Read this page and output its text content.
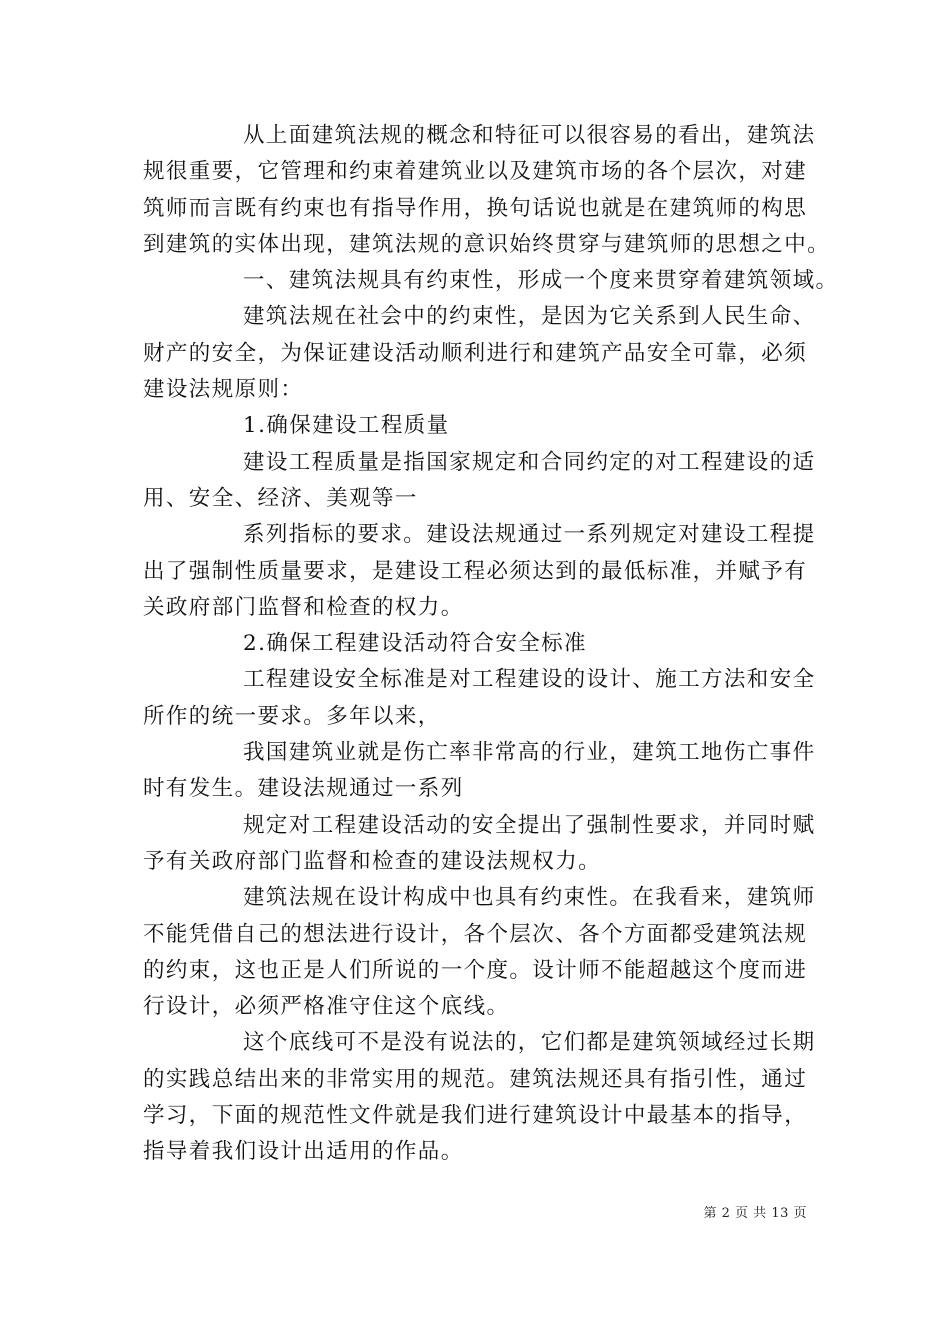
从上面建筑法规的概念和特征可以很容易的看出，建筑法
规很重要，它管理和约束着建筑业以及建筑市场的各个层次，对建
筑师而言既有约束也有指导作用，换句话说也就是在建筑师的构思
到建筑的实体出现，建筑法规的意识始终贯穿与建筑师的思想之中。
一、建筑法规具有约束性，形成一个度来贯穿着建筑领域。
建筑法规在社会中的约束性，是因为它关系到人民生命、
财产的安全，为保证建设活动顺利进行和建筑产品安全可靠，必须
建设法规原则：
1.确保建设工程质量
建设工程质量是指国家规定和合同约定的对工程建设的适
用、安全、经济、美观等一
系列指标的要求。建设法规通过一系列规定对建设工程提
出了强制性质量要求，是建设工程必须达到的最低标准，并赋予有
关政府部门监督和检查的权力。
2.确保工程建设活动符合安全标准
工程建设安全标准是对工程建设的设计、施工方法和安全
所作的统一要求。多年以来，
我国建筑业就是伤亡率非常高的行业，建筑工地伤亡事件
时有发生。建设法规通过一系列
规定对工程建设活动的安全提出了强制性要求，并同时赋
予有关政府部门监督和检查的建设法规权力。
建筑法规在设计构成中也具有约束性。在我看来，建筑师
不能凭借自己的想法进行设计，各个层次、各个方面都受建筑法规
的约束，这也正是人们所说的一个度。设计师不能超越这个度而进
行设计，必须严格准守住这个底线。
这个底线可不是没有说法的，它们都是建筑领域经过长期
的实践总结出来的非常实用的规范。建筑法规还具有指引性，通过
学习，下面的规范性文件就是我们进行建筑设计中最基本的指导，
指导着我们设计出适用的作品。
第 2 页 共 13 页
